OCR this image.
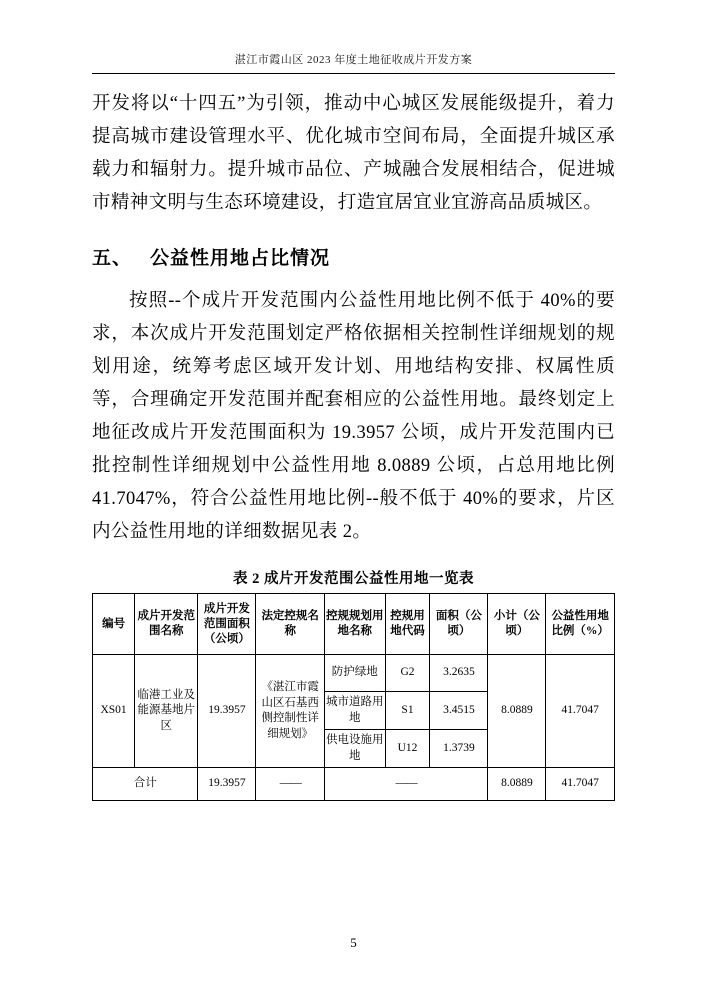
湛江市霞山区 2023 年度土地征收成片开发方案

开发将以“十四五”为引领，推动中心城区发展能级提升，着力提高城市建设管理水平、优化城市空间布局，全面提升城区承载力和辐射力。提升城市品位、产城融合发展相结合，促进城市精神文明与生态环境建设，打造宜居宜业宜游高品质城区。

五、 公益性用地占比情况

按照--个成片开发范围内公益性用地比例不低于 40%的要求，本次成片开发范围划定严格依据相关控制性详细规划的规划用途，统筹考虑区域开发计划、用地结构安排、权属性质等，合理确定开发范围并配套相应的公益性用地。最终划定上地征改成片开发范围面积为 19.3957 公顷，成片开发范围内已批控制性详细规划中公益性用地 8.0889 公顷，占总用地比例 41.7047%，符合公益性用地比例--般不低于 40%的要求，片区内公益性用地的详细数据见表 2。

表 2 成片开发范围公益性用地一览表
编号	成片开发范围名称	成片开发范围面积（公顷）	法定控规名称	控规规划用地名称	控规用地代码	面积（公顷）	小计（公顷）	公益性用地比例（%）
XS01	临港工业及能源基地片区	19.3957	《湛江市霞山区石基西侧控制性详细规划》	防护绿地	G2	3.2635	8.0889	41.7047
				城市道路用地	S1	3.4515		
				供电设施用地	U12	1.3739		
合计		19.3957	——	——			8.0889	41.7047
5
